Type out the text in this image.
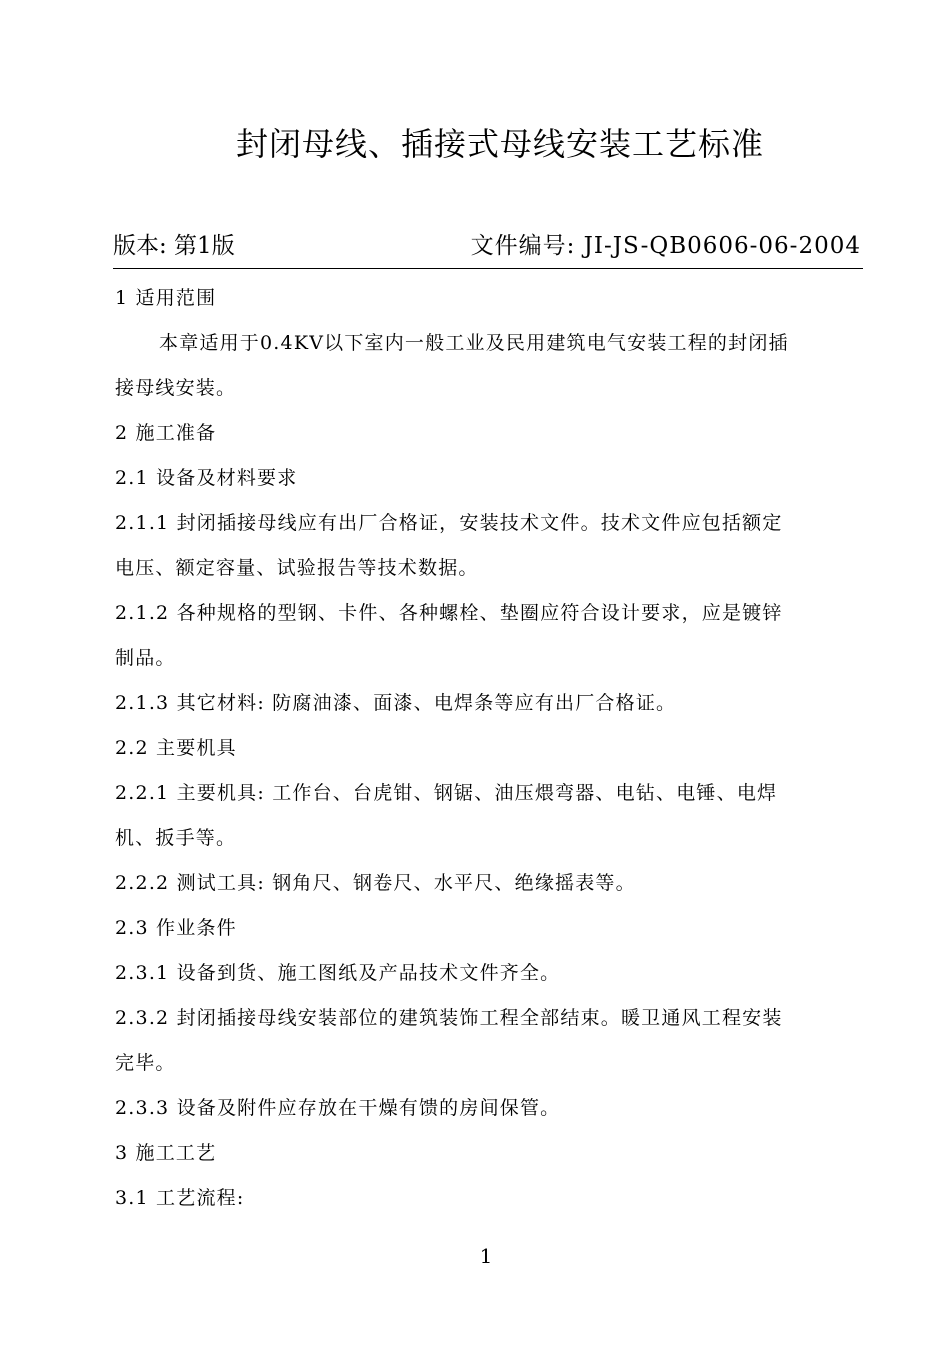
封闭母线、插接式母线安装工艺标准
版本: 第1版	文件编号: JI-JS-QB0606-06-2004
1 适用范围
本章适用于0.4KV以下室内一般工业及民用建筑电气安装工程的封闭插
接母线安装。
2 施工准备
2.1 设备及材料要求
2.1.1 封闭插接母线应有出厂合格证，安装技术文件。技术文件应包括额定
电压、额定容量、试验报告等技术数据。
2.1.2 各种规格的型钢、卡件、各种螺栓、垫圈应符合设计要求，应是镀锌
制品。
2.1.3 其它材料: 防腐油漆、面漆、电焊条等应有出厂合格证。
2.2 主要机具
2.2.1 主要机具: 工作台、台虎钳、钢锯、油压煨弯器、电钻、电锤、电焊
机、扳手等。
2.2.2 测试工具: 钢角尺、钢卷尺、水平尺、绝缘摇表等。
2.3 作业条件
2.3.1 设备到货、施工图纸及产品技术文件齐全。
2.3.2 封闭插接母线安装部位的建筑装饰工程全部结束。暖卫通风工程安装
完毕。
2.3.3 设备及附件应存放在干燥有馈的房间保管。
3 施工工艺
3.1 工艺流程:
1
